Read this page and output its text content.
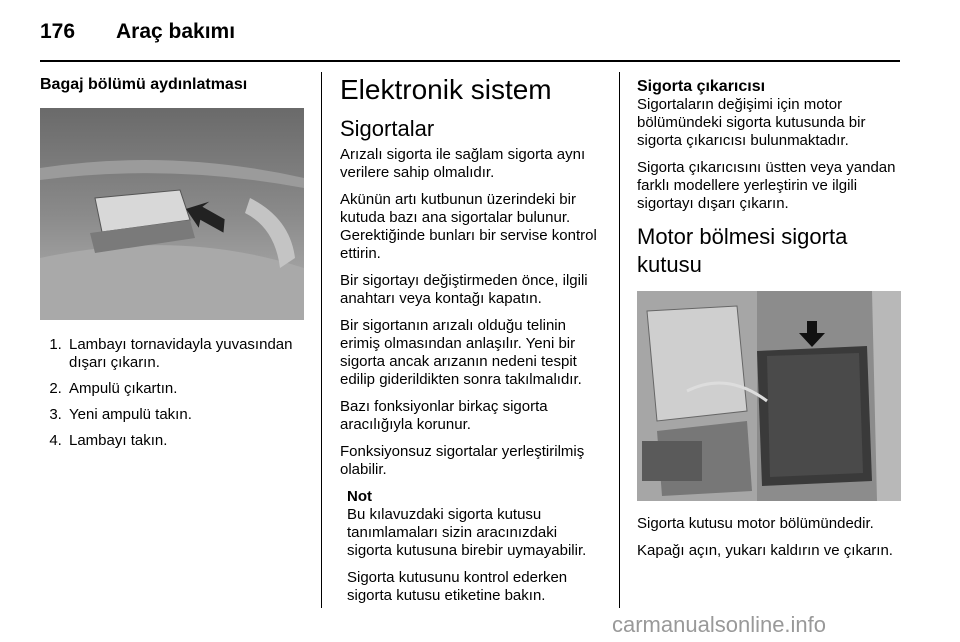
176 Araç bakımı
Bagaj bölümü aydınlatması
1. Lambayı tornavidayla yuvasından dışarı çıkarın.
2. Ampulü çıkartın.
3. Yeni ampulü takın.
4. Lambayı takın.
Elektronik sistem
Sigortalar

Arızalı sigorta ile sağlam sigorta aynı verilere sahip olmalıdır.

Akünün artı kutbunun üzerindeki bir kutuda bazı ana sigortalar bulunur. Gerektiğinde bunları bir servise kontrol ettirin.

Bir sigortayı değiştirmeden önce, ilgili anahtarı veya kontağı kapatın.

Bir sigortanın arızalı olduğu telinin erimiş olmasından anlaşılır. Yeni bir sigorta ancak arızanın nedeni tespit edilip giderildikten sonra takılmalıdır.

Bazı fonksiyonlar birkaç sigorta aracılığıyla korunur.

Fonksiyonsuz sigortalar yerleştirilmiş olabilir.

Not

Bu kılavuzdaki sigorta kutusu tanımlamaları sizin aracınızdaki sigorta kutusuna birebir uymayabilir.

Sigorta kutusunu kontrol ederken sigorta kutusu etiketine bakın.

Sigorta çıkarıcısı

Sigortaların değişimi için motor bölümündeki sigorta kutusunda bir sigorta çıkarıcısı bulunmaktadır.

Sigorta çıkarıcısını üstten veya yandan farklı modellere yerleştirin ve ilgili sigortayı dışarı çıkarın.

Motor bölmesi sigorta kutusu

Sigorta kutusu motor bölümündedir.

Kapağı açın, yukarı kaldırın ve çıkarın.

carmanualsonline.info
